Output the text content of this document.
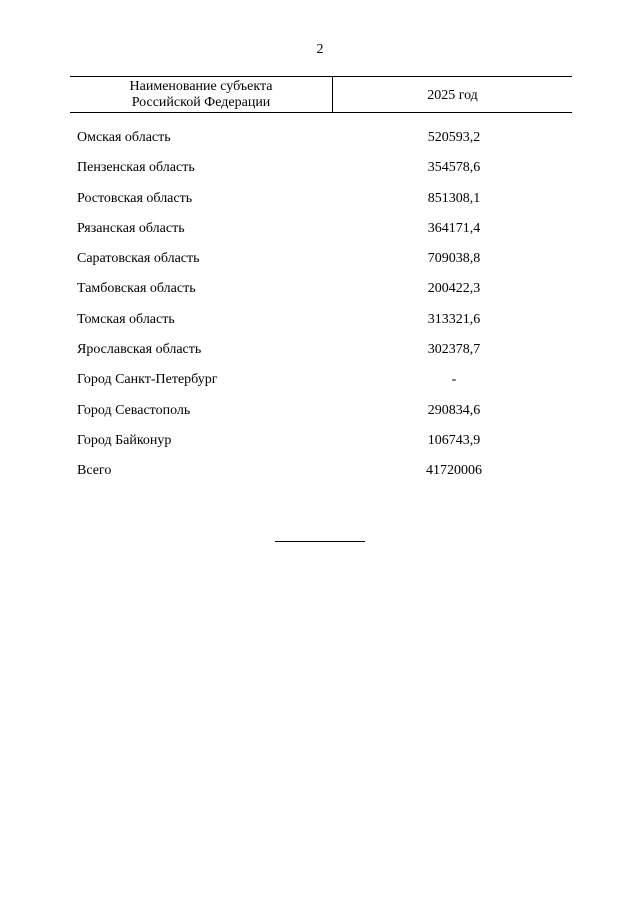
2
Наименование субъекта
Российской Федерации	2025 год
Омская область	520593,2
Пензенская область	354578,6
Ростовская область	851308,1
Рязанская область	364171,4
Саратовская область	709038,8
Тамбовская область	200422,3
Томская область	313321,6
Ярославская область	302378,7
Город Санкт-Петербург	-
Город Севастополь	290834,6
Город Байконур	106743,9
Всего	41720006
